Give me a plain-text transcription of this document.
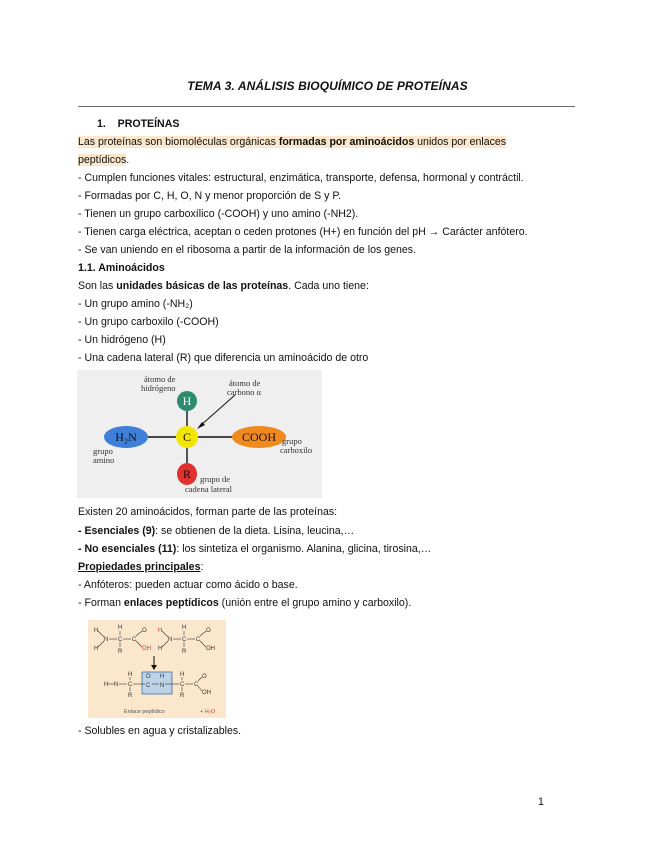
TEMA 3. ANÁLISIS BIOQUÍMICO DE PROTEÍNAS
1. PROTEÍNAS
Las proteínas son biomoléculas orgánicas formadas por aminoácidos unidos por enlaces
peptídicos.
- Cumplen funciones vitales: estructural, enzimática, transporte, defensa, hormonal y contráctil.
- Formadas por C, H, O, N y menor proporción de S y P.
- Tienen un grupo carboxílico (-COOH) y uno amino (-NH2).
- Tienen carga eléctrica, aceptan o ceden protones (H+) en función del pH → Carácter anfótero.
- Se van uniendo en el ribosoma a partir de la información de los genes.
1.1. Aminoácidos
Son las unidades básicas de las proteínas. Cada uno tiene:
- Un grupo amino (-NH₂)
- Un grupo carboxilo (-COOH)
- Un hidrógeno (H)
- Una cadena lateral (R) que diferencia un aminoácido de otro
H
C
R
H₂N	COOH
átomo de
hidrógeno	átomo de
carbono α
grupo
amino
grupo
carboxilo
grupo de
cadena lateral
Existen 20 aminoácidos, forman parte de las proteínas:
- Esenciales (9): se obtienen de la dieta. Lisina, leucina,…
- No esenciales (11): los sintetiza el organismo. Alanina, glicina, tirosina,…
Propiedades principales:
- Anfóteros: pueden actuar como ácido o base.
- Forman enlaces peptídicos (unión entre el grupo amino y carboxilo).
H
H
N C
H
R
C
O
OH
H
H
N C
H
R
C
O
OH
H N C
H
R
O
C
H
N	C
H
R
C
O
OH
Enlace peptídico	+ H₂O
- Solubles en agua y cristalizables.
1
